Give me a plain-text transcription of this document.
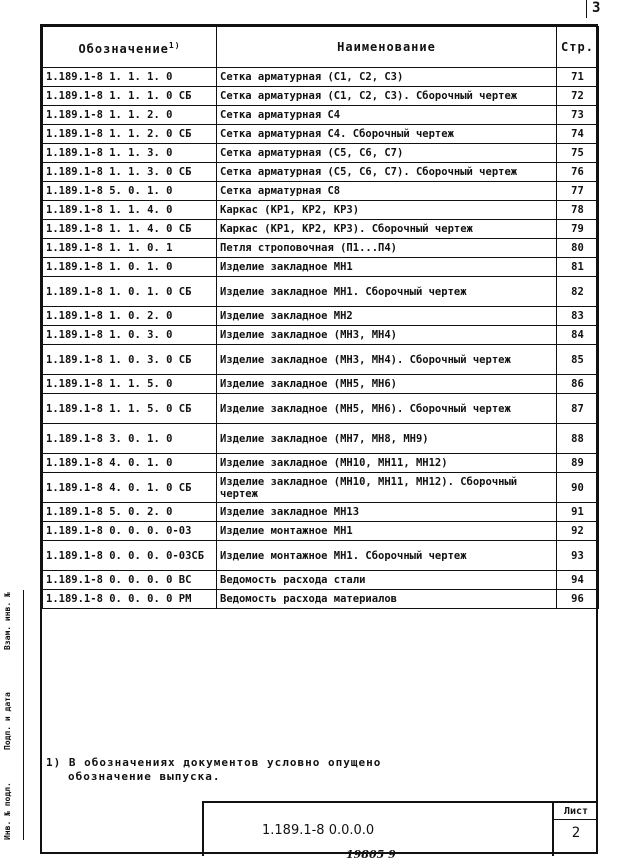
3
Обозначение$^{1)}$	Наименование	Стр.
1.189.1-8 1. 1. 1. 0	Сетка арматурная (С1, С2, С3)	71
1.189.1-8 1. 1. 1. 0 СБ	Сетка арматурная (С1, С2, С3). Сборочный чертеж	72
1.189.1-8 1. 1. 2. 0	Сетка арматурная С4	73
1.189.1-8 1. 1. 2. 0 СБ	Сетка арматурная С4. Сборочный чертеж	74
1.189.1-8 1. 1. 3. 0	Сетка арматурная (С5, С6, С7)	75
1.189.1-8 1. 1. 3. 0 СБ	Сетка арматурная (С5, С6, С7). Сборочный чертеж	76
1.189.1-8 5. 0. 1. 0	Сетка арматурная С8	77
1.189.1-8 1. 1. 4. 0	Каркас (КР1, КР2, КР3)	78
1.189.1-8 1. 1. 4. 0 СБ	Каркас (КР1, КР2, КР3). Сборочный чертеж	79
1.189.1-8 1. 1. 0. 1	Петля строповочная (П1...П4)	80
1.189.1-8 1. 0. 1. 0	Изделие закладное МН1	81
1.189.1-8 1. 0. 1. 0 СБ	Изделие закладное МН1. Сборочный чертеж	82
1.189.1-8 1. 0. 2. 0	Изделие закладное МН2	83
1.189.1-8 1. 0. 3. 0	Изделие закладное (МН3, МН4)	84
1.189.1-8 1. 0. 3. 0 СБ	Изделие закладное (МН3, МН4). Сборочный чертеж	85
1.189.1-8 1. 1. 5. 0	Изделие закладное (МН5, МН6)	86
1.189.1-8 1. 1. 5. 0 СБ	Изделие закладное (МН5, МН6). Сборочный чертеж	87
1.189.1-8 3. 0. 1. 0	Изделие закладное (МН7, МН8, МН9)	88
1.189.1-8 4. 0. 1. 0	Изделие закладное (МН10, МН11, МН12)	89
1.189.1-8 4. 0. 1. 0 СБ	Изделие закладное (МН10, МН11, МН12). Сборочный чертеж	90
1.189.1-8 5. 0. 2. 0	Изделие закладное МН13	91
1.189.1-8 0. 0. 0. 0-03	Изделие монтажное МН1	92
1.189.1-8 0. 0. 0. 0-03СБ	Изделие монтажное МН1. Сборочный чертеж	93
1.189.1-8 0. 0. 0. 0 ВС	Ведомость расхода стали	94
1.189.1-8 0. 0. 0. 0 РМ	Ведомость расхода материалов	96
1) В обозначениях документов условно опущено
обозначение выпуска.
1.189.1-8 0.0.0.0
Лист
2
Инв. № подл.
Подп. и дата
Взам. инв. №
19805 9
